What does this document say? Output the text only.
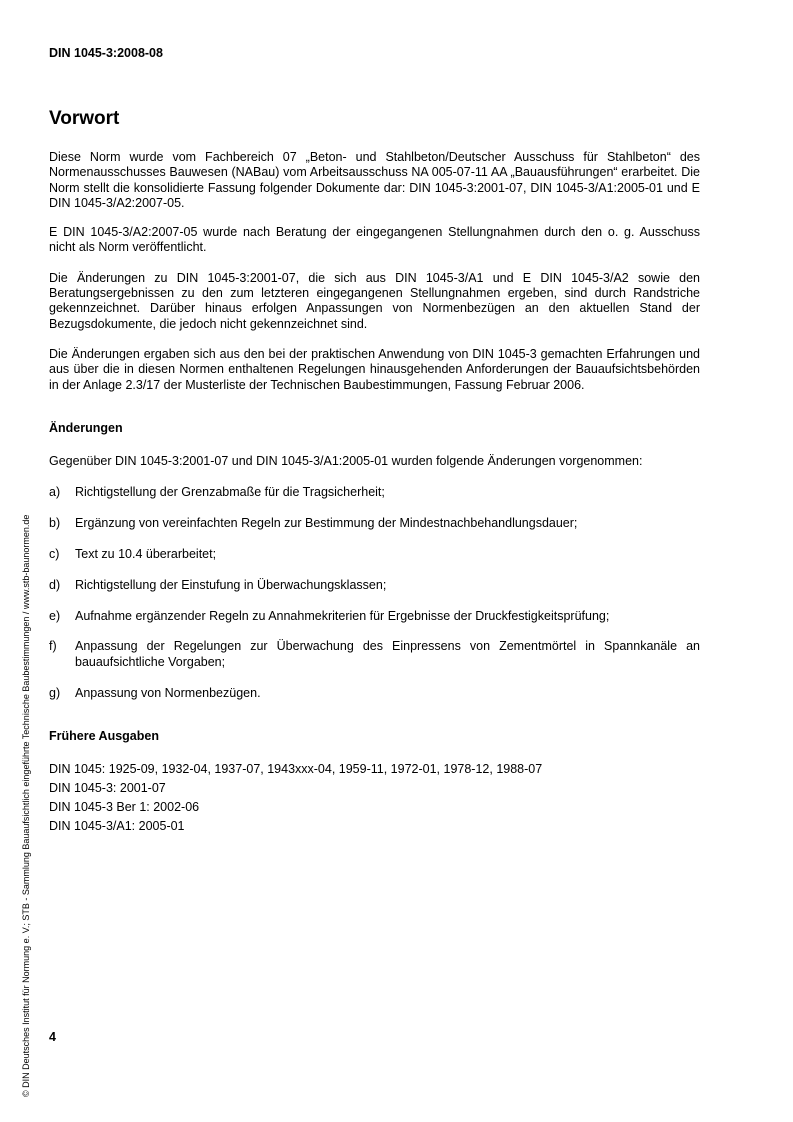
DIN 1045-3:2008-08
Vorwort

Diese Norm wurde vom Fachbereich 07 „Beton- und Stahlbeton/Deutscher Ausschuss für Stahlbeton“ des Normenausschusses Bauwesen (NABau) vom Arbeitsausschuss NA 005-07-11 AA „Bauausführungen“ erarbeitet. Die Norm stellt die konsolidierte Fassung folgender Dokumente dar: DIN 1045-3:2001-07, DIN 1045-3/A1:2005-01 und E DIN 1045-3/A2:2007-05.

E DIN 1045-3/A2:2007-05 wurde nach Beratung der eingegangenen Stellungnahmen durch den o. g. Ausschuss nicht als Norm veröffentlicht.

Die Änderungen zu DIN 1045-3:2001-07, die sich aus DIN 1045-3/A1 und E DIN 1045-3/A2 sowie den Beratungsergebnissen zu den zum letzteren eingegangenen Stellungnahmen ergeben, sind durch Randstriche gekennzeichnet. Darüber hinaus erfolgen Anpassungen von Normenbezügen an den aktuellen Stand der Bezugsdokumente, die jedoch nicht gekennzeichnet sind.

Die Änderungen ergaben sich aus den bei der praktischen Anwendung von DIN 1045-3 gemachten Erfahrungen und aus über die in diesen Normen enthaltenen Regelungen hinausgehenden Anforderungen der Bauaufsichtsbehörden in der Anlage 2.3/17 der Musterliste der Technischen Baubestimmungen, Fassung Februar 2006.

Änderungen

Gegenüber DIN 1045-3:2001-07 und DIN 1045-3/A1:2005-01 wurden folgende Änderungen vorgenommen:

a)	Richtigstellung der Grenzabmaße für die Tragsicherheit;
b)	Ergänzung von vereinfachten Regeln zur Bestimmung der Mindestnachbehandlungsdauer;
c)	Text zu 10.4 überarbeitet;
d)	Richtigstellung der Einstufung in Überwachungsklassen;
e)	Aufnahme ergänzender Regeln zu Annahmekriterien für Ergebnisse der Druckfestigkeitsprüfung;
f)	Anpassung der Regelungen zur Überwachung des Einpressens von Zementmörtel in Spannkanäle an bauaufsichtliche Vorgaben;
g)	Anpassung von Normenbezügen.
Frühere Ausgaben
DIN 1045: 1925-09, 1932-04, 1937-07, 1943xxx-04, 1959-11, 1972-01, 1978-12, 1988-07
DIN 1045-3: 2001-07
DIN 1045-3 Ber 1: 2002-06
DIN 1045-3/A1: 2005-01
4
© DIN Deutsches Institut für Normung e. V.; STB - Sammlung Bauaufsichtlich eingeführte Technische Baubestimmungen / www.stb-baunormen.de
